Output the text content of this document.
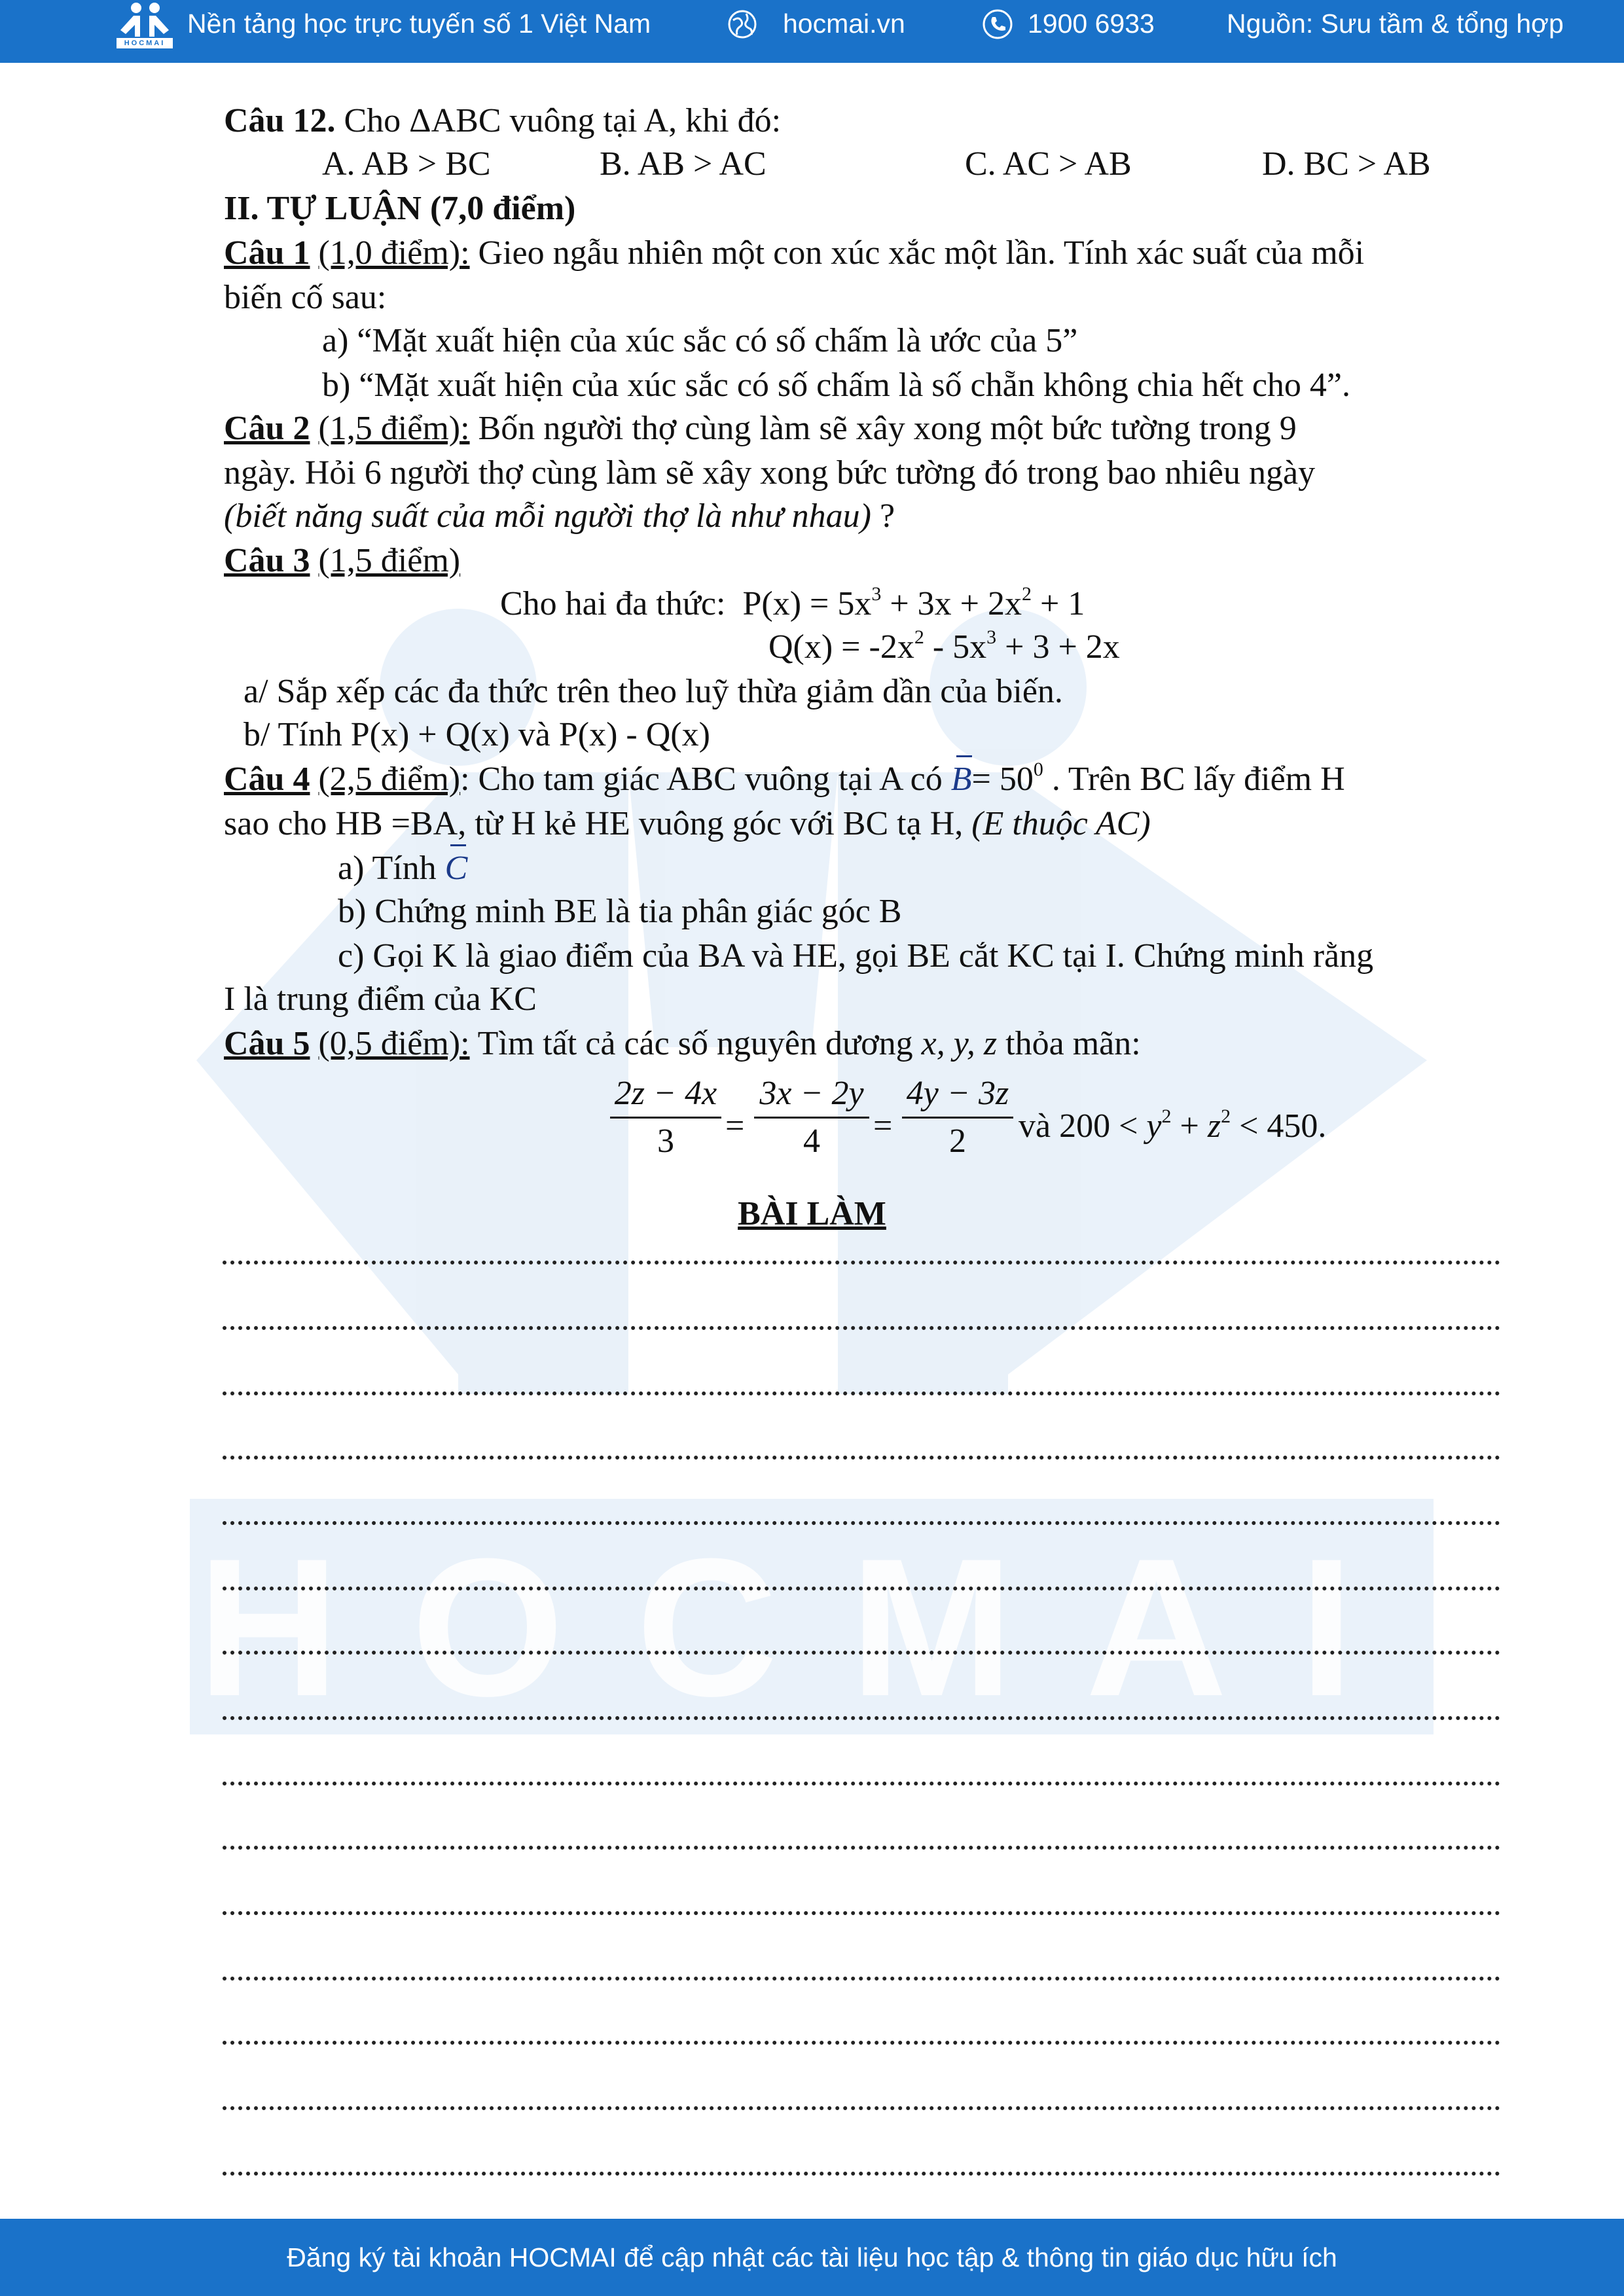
HOCMAI
HOCMAI
Nền tảng học trực tuyến số 1 Việt Nam	hocmai.vn	1900 6933	Nguồn: Sưu tầm & tổng hợp
Câu 12. Cho ΔABC vuông tại A, khi đó:
A. AB > BC	B. AB > AC	C. AC > AB	D. BC > AB
II. TỰ LUẬN (7,0 điểm)
Câu 1 (1,0 điểm): Gieo ngẫu nhiên một con xúc xắc một lần. Tính xác suất của mỗi
biến cố sau:
a) “Mặt xuất hiện của xúc sắc có số chấm là ước của 5”
b) “Mặt xuất hiện của xúc sắc có số chấm là số chẵn không chia hết cho 4”.
Câu 2 (1,5 điểm): Bốn người thợ cùng làm sẽ xây xong một bức tường trong 9
ngày. Hỏi 6 người thợ cùng làm sẽ xây xong bức tường đó trong bao nhiêu ngày
(biết năng suất của mỗi người thợ là như nhau) ?
Câu 3 (1,5 điểm)
Cho hai đa thức: $P(x) = 5x^3 + 3x + 2x^2 + 1$
$Q(x) = -2x^2 - 5x^3 + 3 + 2x$
a/ Sắp xếp các đa thức trên theo luỹ thừa giảm dần của biến.
b/ Tính P(x) + Q(x) và P(x) - Q(x)
Câu 4 (2,5 điểm): Cho tam giác ABC vuông tại A có $B= 50^0$ . Trên BC lấy điểm H
sao cho HB =BA, từ H kẻ HE vuông góc với BC tạ H, (E thuộc AC)
a) Tính C
b) Chứng minh BE là tia phân giác góc B
c) Gọi K là giao điểm của BA và HE, gọi BE cắt KC tại I. Chứng minh rằng
I là trung điểm của KC
Câu 5 (0,5 điểm): Tìm tất cả các số nguyên dương x, y, z thỏa mãn:
2z − 4x
3	=
3x − 2y
4	=
4y − 3z
2	và $200 < y^2 + z^2 < 450$.
BÀI LÀM
Đăng ký tài khoản HOCMAI để cập nhật các tài liệu học tập & thông tin giáo dục hữu ích
